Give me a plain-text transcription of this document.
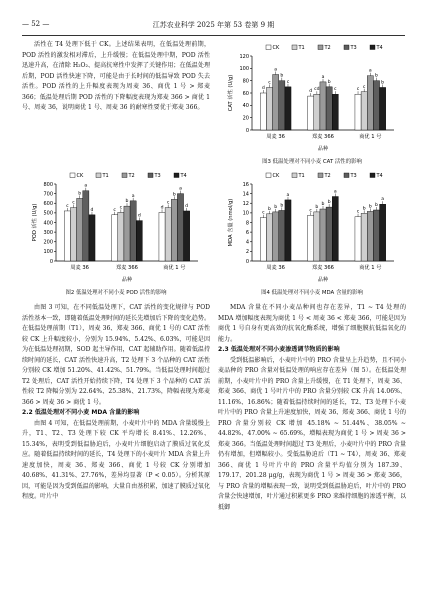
— 52 —	江苏农业科学 2025 年第 53 卷第 9 期

活性在 T4 处理下低于 CK。上述结果表明，在低温处理前期，POD 活性的激发相对滞后，上升缓慢；在低温处理中期，POD 活性迅速升高，在清除 H₂O₂、提高抗寒性中发挥了关键作用；在低温处理后期，POD 活性快速下降，可能是由于长时间的低温导致 POD 失去活性。POD 活性的上升幅度表现为周麦 36、商优 1 号 > 郑麦 366；低温处理后期 POD 活性的下降幅度表现为郑麦 366 > 商优 1 号、周麦 36，说明商优 1 号、周麦 36 的耐寒性要优于郑麦 366。

0
100
200
300
400
500
600
700
800
POD 活性 (U/g)
CK	T1	T2	T3	T4
c
c
b
a
d
周麦 36
c c
b
a
d
郑麦 366
d
c
b
a
d
商优 1 号
品种
图2 低温处理对不同小麦 POD 活性的影响

由图 3 可知，在不同低温处理下，CAT 活性的变化规律与 POD 活性基本一致，即随着低温处理时间的延长先增加后下降的变化趋势。在低温处理前期（T1），周麦 36、郑麦 366、商优 1 号的 CAT 活性较 CK 上升幅度较小，分别为 15.94%、5.42%、6.03%，可能是因为在低温处理初期，SOD 起主导作用，CAT 起辅助作用。随着低温持续时间的延长，CAT 活性快速升高，T2 处理下 3 个品种的 CAT 活性分别较 CK 增加 51.20%、41.42%、51.79%。当低温处理时间超过 T2 处理后，CAT 活性开始持续下降，T4 处理下 3 个品种的 CAT 活性较 T2 降幅分别为 22.64%、25.38%、21.73%，降幅表现为郑麦 366 > 周麦 36 > 商优 1 号。

2.2 低温处理对不同小麦 MDA 含量的影响

由图 4 可知，在低温处理前期，小麦叶片中的 MDA 含量缓慢上升，T1、T2、T3 处理下较 CK 平均增长 8.41%、12.26%、15.34%，表明受到低温胁迫后，小麦叶片细胞启动了膜质过氧化反应。随着低温持续时间的延长，T4 处理下的小麦叶片 MDA 含量上升速度加快，周麦 36、郑麦 366、商优 1 号较 CK 分别增加 40.68%、41.31%、27.76%，差异均显著（P < 0.05）。分析其原因，可能是因为受到低温的影响，大量自由基积累，加速了膜质过氧化程度。叶片中

0
20
40
60
80
100
120
CAT 活性 (U/g)
CK	T1	T2	T3	T4
d
c
a
b
c
周麦 36
d cd
a
b
c
郑麦 366
c c
a
b
b
商优 1 号
品种
图3 低温处理对不同小麦 CAT 活性的影响
0
2
4
6
8
10
12
14
16
MDA 含量 (nmol/g)
CK	T1	T2	T3	T4
c
b b b
a
周麦 36
c
b
b b
a
郑麦 366
c
b b b
a
商优 1 号
品种
图4 低温处理对不同小麦 MDA 含量的影响

MDA 含量在不同小麦品种间也存在差异，T1 ~ T4 处理的 MDA 增加幅度表现为商优 1 号 < 周麦 36 < 郑麦 366，可能是因为商优 1 号自身有更高效的抗氧化酶系统，增强了细胞膜抗低温氧化的能力。

2.3 低温处理对不同小麦渗透调节物质的影响

受到低温影响后，小麦叶片中的 PRO 含量呈上升趋势，且不同小麦品种的 PRO 含量对低温处理的响应存在差异（图 5）。在低温处理前期，小麦叶片中的 PRO 含量上升缓慢，在 T1 处理下，周麦 36、郑麦 366、商优 1 号叶片中的 PRO 含量分别较 CK 升高 14.06%、11.16%、16.86%；随着低温持续时间的延长，T2、T3 处理下小麦叶片中的 PRO 含量上升速度加快，周麦 36、郑麦 366、商优 1 号的 PRO 含量分别较 CK 增加 45.18% ~ 51.44%、38.05% ~ 44.82%、47.00% ~ 65.69%，增幅表现为商优 1 号 > 周麦 36 > 郑麦 366。当低温处理时间超过 T3 处理后，小麦叶片中的 PRO 含量仍有增加，但增幅较小。受低温胁迫后（T1 ~ T4），周麦 36、郑麦 366、商优 1 号叶片中的 PRO 含量平均值分别为 187.39、179.17、201.28 μg/g，表现为商优 1 号 > 周麦 36 > 郑麦 366，与 PRO 含量的增幅表现一致，说明受到低温胁迫后，叶片中的 PRO 含量会快速增加，叶片通过积累更多 PRO 来维持细胞的渗透平衡，以抵御
